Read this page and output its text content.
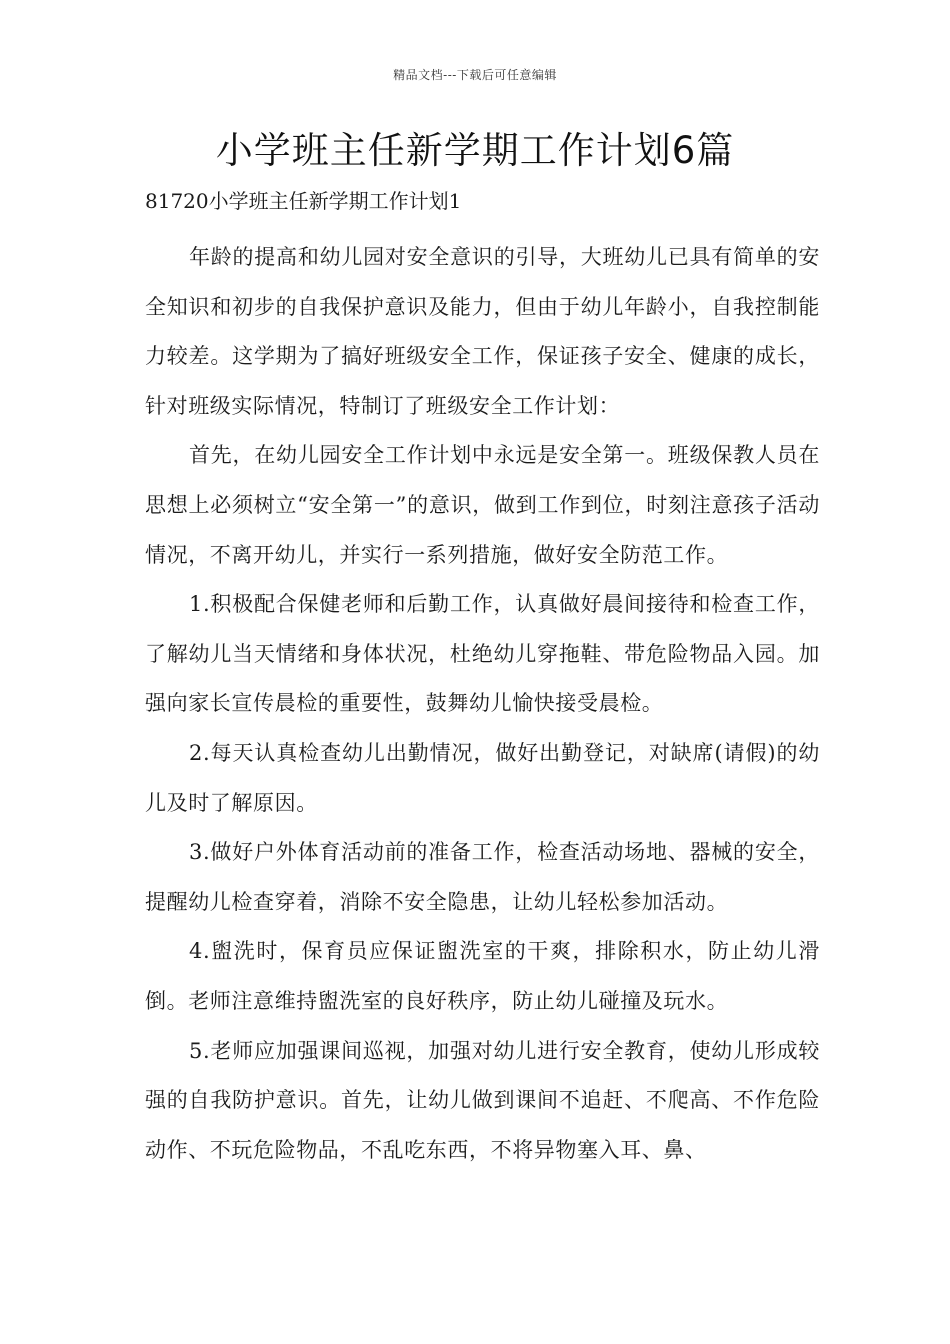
精品文档---下载后可任意编辑
小学班主任新学期工作计划6篇
81720小学班主任新学期工作计划1

年龄的提高和幼儿园对安全意识的引导，大班幼儿已具有简单的安全知识和初步的自我保护意识及能力，但由于幼儿年龄小，自我控制能力较差。这学期为了搞好班级安全工作，保证孩子安全、健康的成长，针对班级实际情况，特制订了班级安全工作计划：

首先，在幼儿园安全工作计划中永远是安全第一。班级保教人员在思想上必须树立“安全第一”的意识，做到工作到位，时刻注意孩子活动情况，不离开幼儿，并实行一系列措施，做好安全防范工作。

1.积极配合保健老师和后勤工作，认真做好晨间接待和检查工作，了解幼儿当天情绪和身体状况，杜绝幼儿穿拖鞋、带危险物品入园。加强向家长宣传晨检的重要性，鼓舞幼儿愉快接受晨检。

2.每天认真检查幼儿出勤情况，做好出勤登记，对缺席(请假)的幼儿及时了解原因。

3.做好户外体育活动前的准备工作，检查活动场地、器械的安全，提醒幼儿检查穿着，消除不安全隐患，让幼儿轻松参加活动。

4.盥洗时，保育员应保证盥洗室的干爽，排除积水，防止幼儿滑倒。老师注意维持盥洗室的良好秩序，防止幼儿碰撞及玩水。

5.老师应加强课间巡视，加强对幼儿进行安全教育，使幼儿形成较强的自我防护意识。首先，让幼儿做到课间不追赶、不爬高、不作危险动作、不玩危险物品，不乱吃东西，不将异物塞入耳、鼻、
